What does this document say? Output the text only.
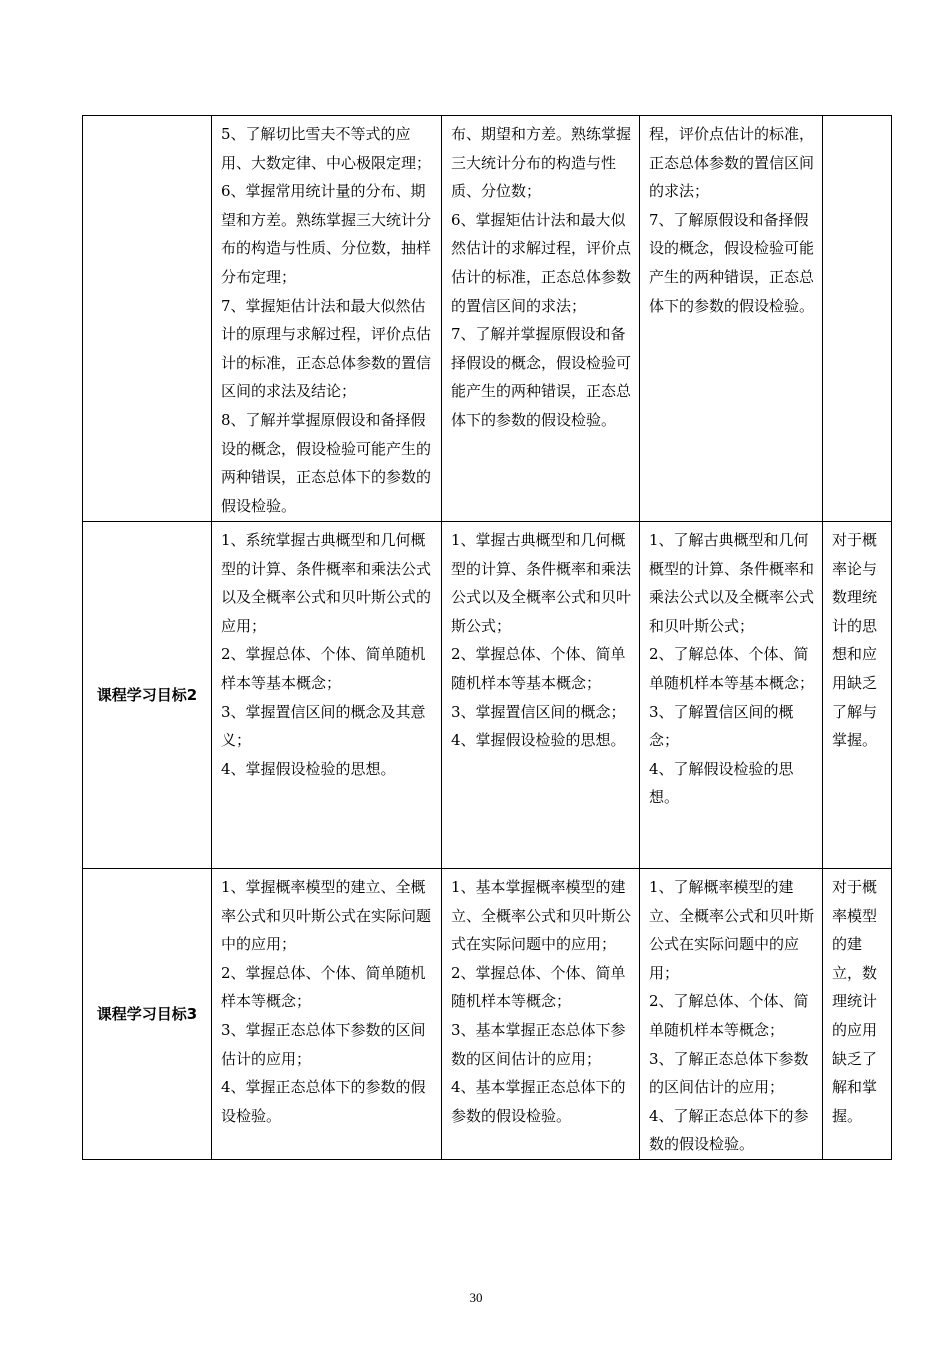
	5、了解切比雪夫不等式的应用、大数定律、中心极限定理；
6、掌握常用统计量的分布、期望和方差。熟练掌握三大统计分布的构造与性质、分位数，抽样分布定理；
7、掌握矩估计法和最大似然估计的原理与求解过程，评价点估计的标准，正态总体参数的置信区间的求法及结论；
8、了解并掌握原假设和备择假设的概念，假设检验可能产生的两种错误，正态总体下的参数的假设检验。	布、期望和方差。熟练掌握三大统计分布的构造与性质、分位数；
6、掌握矩估计法和最大似然估计的求解过程，评价点估计的标准，正态总体参数的置信区间的求法；
7、了解并掌握原假设和备择假设的概念，假设检验可能产生的两种错误，正态总体下的参数的假设检验。	程，评价点估计的标准，正态总体参数的置信区间的求法；
7、了解原假设和备择假设的概念，假设检验可能产生的两种错误，正态总体下的参数的假设检验。	

课程学习目标2	1、系统掌握古典概型和几何概型的计算、条件概率和乘法公式以及全概率公式和贝叶斯公式的应用；
2、掌握总体、个体、简单随机样本等基本概念；
3、掌握置信区间的概念及其意义；
4、掌握假设检验的思想。	1、掌握古典概型和几何概型的计算、条件概率和乘法公式以及全概率公式和贝叶斯公式；
2、掌握总体、个体、简单随机样本等基本概念；
3、掌握置信区间的概念；
4、掌握假设检验的思想。	1、了解古典概型和几何概型的计算、条件概率和乘法公式以及全概率公式和贝叶斯公式；
2、了解总体、个体、简单随机样本等基本概念；
3、了解置信区间的概念；
4、了解假设检验的思想。	对于概率论与数理统计的思想和应用缺乏了解与掌握。
课程学习目标3	1、掌握概率模型的建立、全概率公式和贝叶斯公式在实际问题中的应用；
2、掌握总体、个体、简单随机样本等概念；
3、掌握正态总体下参数的区间估计的应用；
4、掌握正态总体下的参数的假设检验。	1、基本掌握概率模型的建立、全概率公式和贝叶斯公式在实际问题中的应用；
2、掌握总体、个体、简单随机样本等概念；
3、基本掌握正态总体下参数的区间估计的应用；
4、基本掌握正态总体下的参数的假设检验。	1、了解概率模型的建立、全概率公式和贝叶斯公式在实际问题中的应用；
2、了解总体、个体、简单随机样本等概念；
3、了解正态总体下参数的区间估计的应用；
4、了解正态总体下的参数的假设检验。	对于概率模型的建立，数理统计的应用缺乏了解和掌握。
30
